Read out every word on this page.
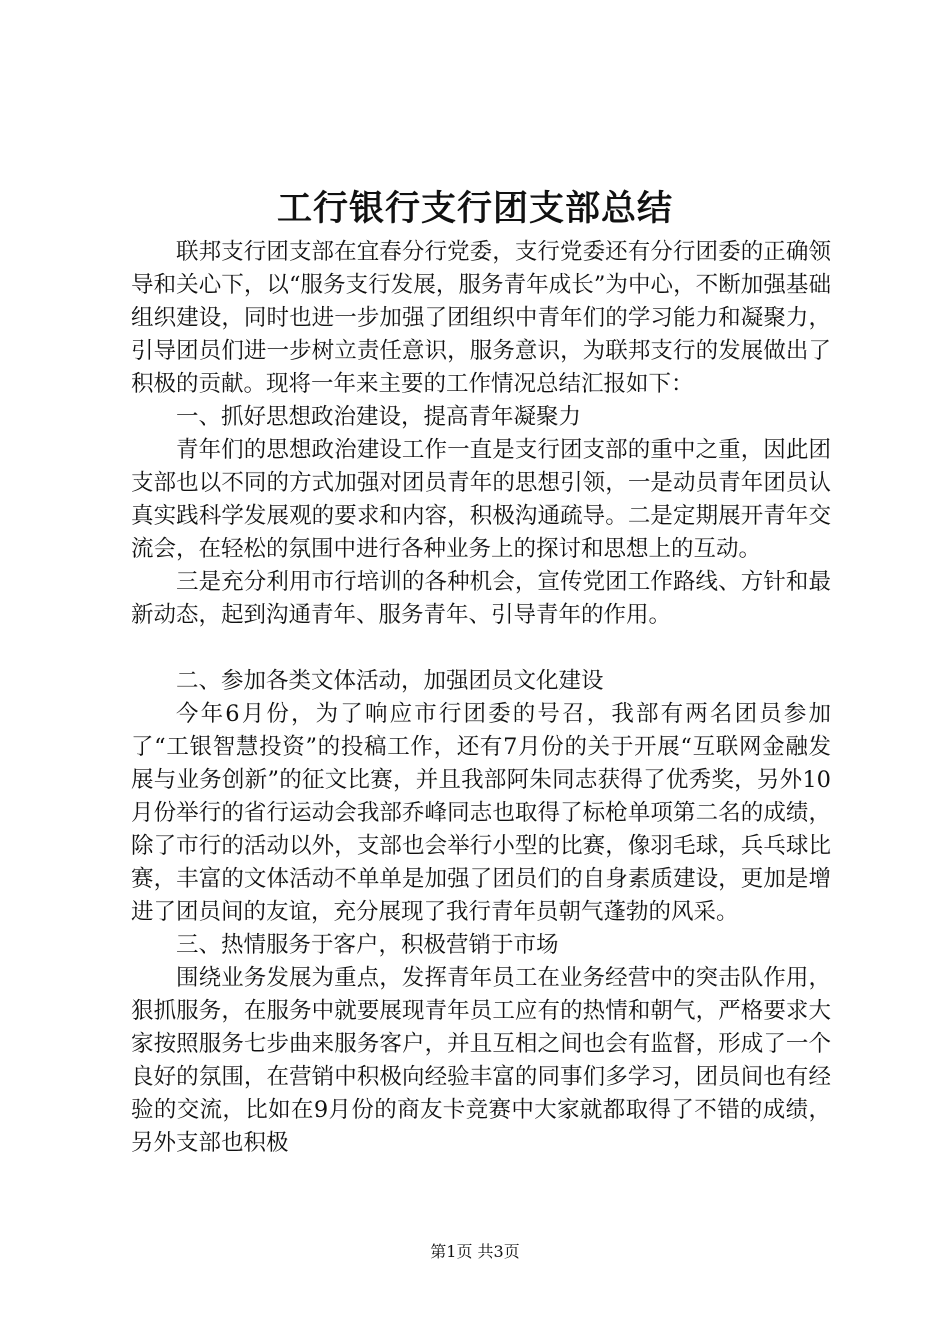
工行银行支行团支部总结

联邦支行团支部在宜春分行党委，支行党委还有分行团委的正确领导和关心下，以“服务支行发展，服务青年成长”为中心，不断加强基础组织建设，同时也进一步加强了团组织中青年们的学习能力和凝聚力，引导团员们进一步树立责任意识，服务意识，为联邦支行的发展做出了积极的贡献。现将一年来主要的工作情况总结汇报如下：

一、抓好思想政治建设，提高青年凝聚力

青年们的思想政治建设工作一直是支行团支部的重中之重，因此团支部也以不同的方式加强对团员青年的思想引领，一是动员青年团员认真实践科学发展观的要求和内容，积极沟通疏导。二是定期展开青年交流会，在轻松的氛围中进行各种业务上的探讨和思想上的互动。

三是充分利用市行培训的各种机会，宣传党团工作路线、方针和最新动态，起到沟通青年、服务青年、引导青年的作用。

二、参加各类文体活动，加强团员文化建设

今年6月份，为了响应市行团委的号召，我部有两名团员参加了“工银智慧投资”的投稿工作，还有7月份的关于开展“互联网金融发展与业务创新”的征文比赛，并且我部阿朱同志获得了优秀奖，另外10月份举行的省行运动会我部乔峰同志也取得了标枪单项第二名的成绩，除了市行的活动以外，支部也会举行小型的比赛，像羽毛球，兵乓球比赛，丰富的文体活动不单单是加强了团员们的自身素质建设，更加是增进了团员间的友谊，充分展现了我行青年员朝气蓬勃的风采。

三、热情服务于客户，积极营销于市场

围绕业务发展为重点，发挥青年员工在业务经营中的突击队作用，狠抓服务，在服务中就要展现青年员工应有的热情和朝气，严格要求大家按照服务七步曲来服务客户，并且互相之间也会有监督，形成了一个良好的氛围，在营销中积极向经验丰富的同事们多学习，团员间也有经验的交流，比如在9月份的商友卡竞赛中大家就都取得了不错的成绩，另外支部也积极

第1页 共3页
